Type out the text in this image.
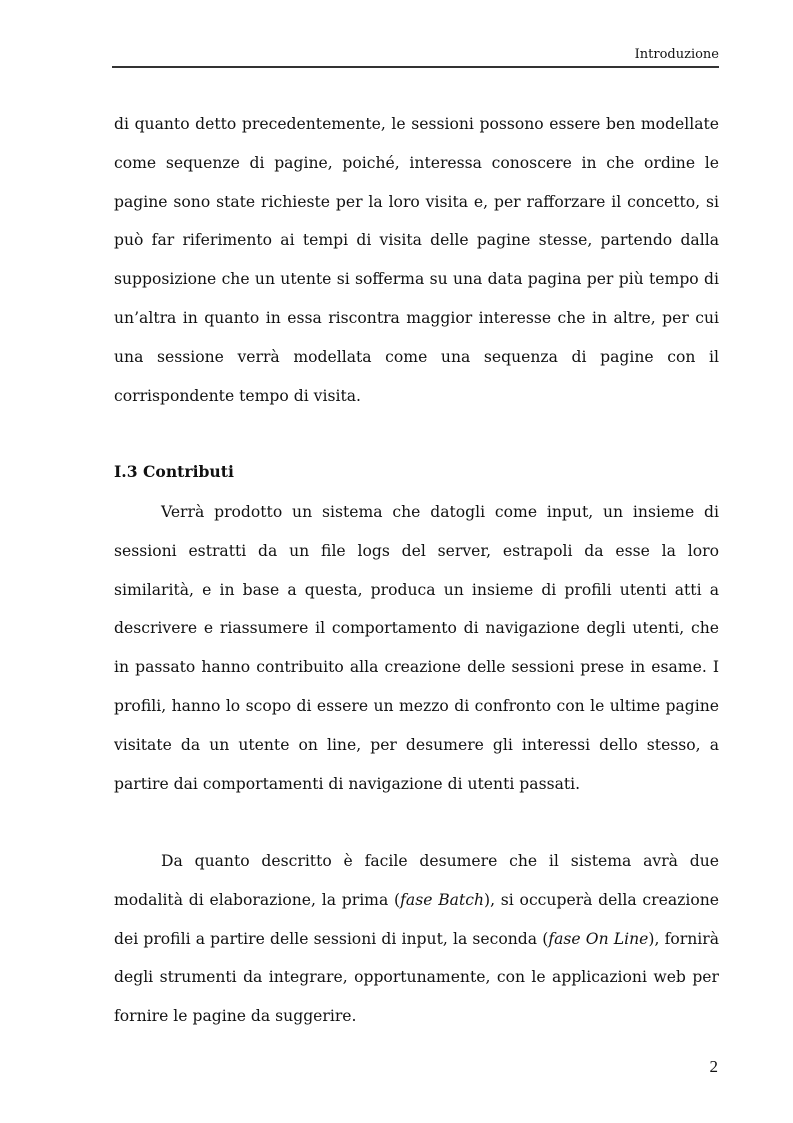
Introduzione

di quanto detto precedentemente, le sessioni possono essere ben modellate come sequenze di pagine, poiché, interessa conoscere in che ordine le pagine sono state richieste per la loro visita e, per rafforzare il concetto, si può far riferimento ai tempi di visita delle pagine stesse, partendo dalla supposizione che un utente si sofferma su una data pagina per più tempo di un’altra in quanto in essa riscontra maggior interesse che in altre, per cui una sessione verrà modellata come una sequenza di pagine con il corrispondente tempo di visita.

I.3 Contributi

Verrà prodotto un sistema che datogli come input, un insieme di sessioni estratti da un file logs del server, estrapoli da esse la loro similarità, e in base a questa, produca un insieme di profili utenti atti a descrivere e riassumere il comportamento di navigazione degli utenti, che in passato hanno contribuito alla creazione delle sessioni prese in esame. I profili, hanno lo scopo di essere un mezzo di confronto con le ultime pagine visitate da un utente on line, per desumere gli interessi dello stesso, a partire dai comportamenti di navigazione di utenti passati.

Da quanto descritto è facile desumere che il sistema avrà due modalità di elaborazione, la prima (fase Batch), si occuperà della creazione dei profili a partire delle sessioni di input, la seconda (fase On Line), fornirà degli strumenti da integrare, opportunamente, con le applicazioni web per fornire le pagine da suggerire.

2
